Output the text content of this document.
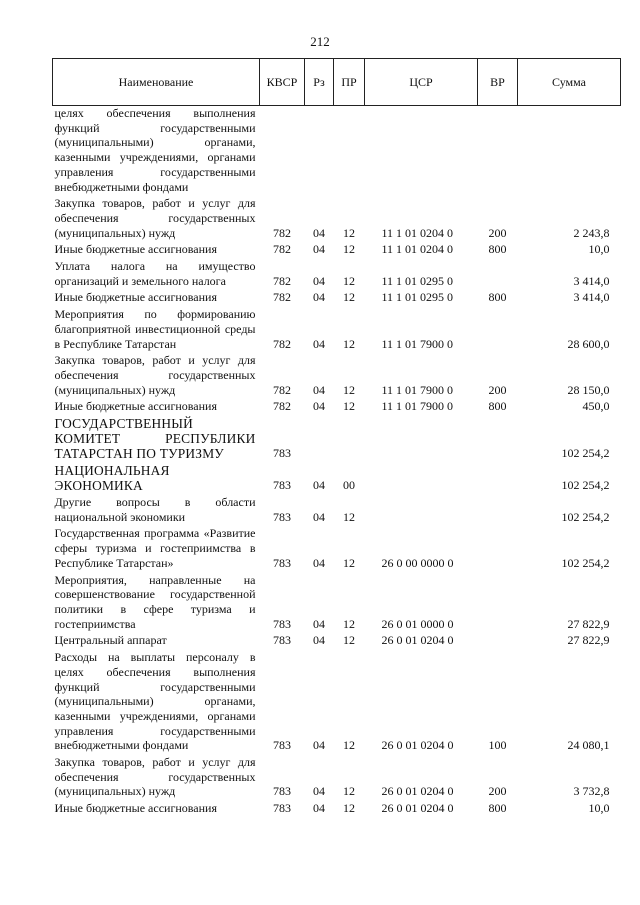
212
Наименование	КВСР	Рз	ПР	ЦСР	ВР	Сумма
целях обеспечения выполнения функций государственными (муниципальными) органами, казенными учреждениями, органами управления государственными внебюджетными фондами						
Закупка товаров, работ и услуг для обеспечения государственных (муниципальных) нужд	782	04	12	11 1 01 0204 0	200	2 243,8
Иные бюджетные ассигнования	782	04	12	11 1 01 0204 0	800	10,0
Уплата налога на имущество организаций и земельного налога	782	04	12	11 1 01 0295 0		3 414,0
Иные бюджетные ассигнования	782	04	12	11 1 01 0295 0	800	3 414,0
Мероприятия по формированию благоприятной инвестиционной среды в Республике Татарстан	782	04	12	11 1 01 7900 0		28 600,0
Закупка товаров, работ и услуг для обеспечения государственных (муниципальных) нужд	782	04	12	11 1 01 7900 0	200	28 150,0
Иные бюджетные ассигнования	782	04	12	11 1 01 7900 0	800	450,0
ГОСУДАРСТВЕННЫЙ КОМИТЕТ РЕСПУБЛИКИ ТАТАРСТАН ПО ТУРИЗМУ	783					102 254,2
НАЦИОНАЛЬНАЯ ЭКОНОМИКА	783	04	00			102 254,2
Другие вопросы в области национальной экономики	783	04	12			102 254,2
Государственная программа «Развитие сферы туризма и гостеприимства в Республике Татарстан»	783	04	12	26 0 00 0000 0		102 254,2
Мероприятия, направленные на совершенствование государственной политики в сфере туризма и гостеприимства	783	04	12	26 0 01 0000 0		27 822,9
Центральный аппарат	783	04	12	26 0 01 0204 0		27 822,9
Расходы на выплаты персоналу в целях обеспечения выполнения функций государственными (муниципальными) органами, казенными учреждениями, органами управления государственными внебюджетными фондами	783	04	12	26 0 01 0204 0	100	24 080,1
Закупка товаров, работ и услуг для обеспечения государственных (муниципальных) нужд	783	04	12	26 0 01 0204 0	200	3 732,8
Иные бюджетные ассигнования	783	04	12	26 0 01 0204 0	800	10,0
